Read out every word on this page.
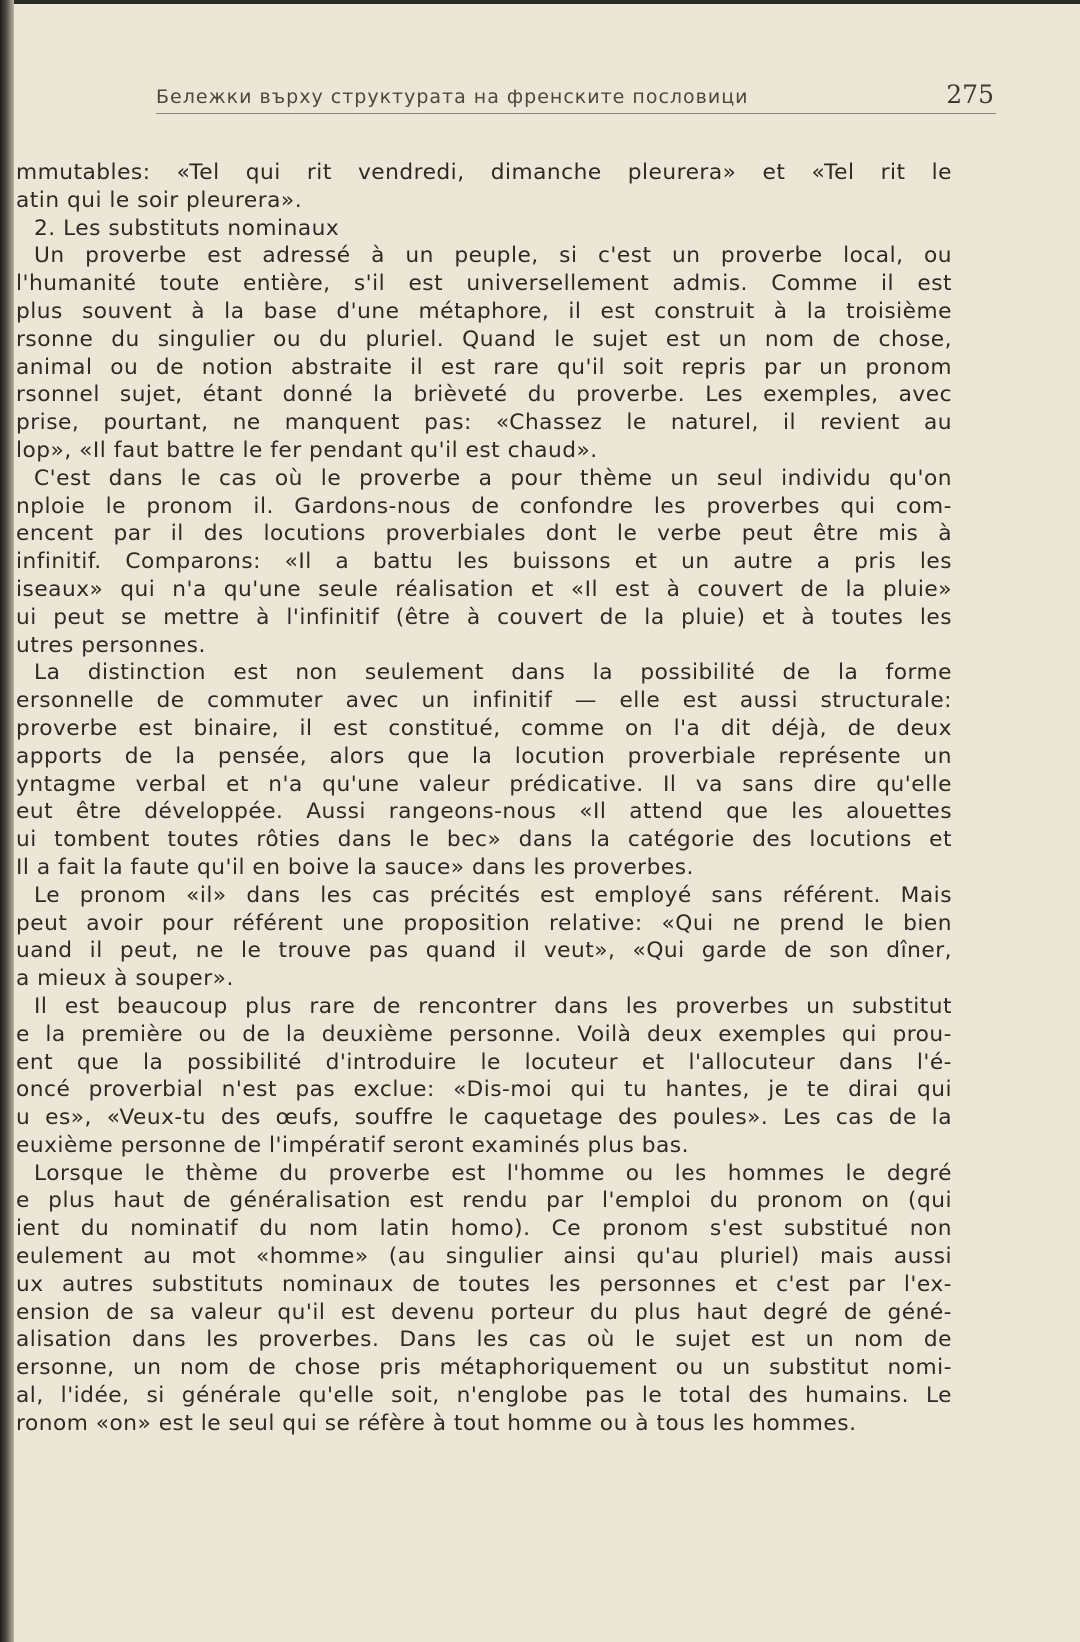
Бележки върху структурата на френските пословици	275

mmutables: «Tel qui rit vendredi, dimanche pleurera» et «Tel rit le

atin qui le soir pleurera».

2. Les substituts nominaux

Un proverbe est adressé à un peuple, si c'est un proverbe local, ou

l'humanité toute entière, s'il est universellement admis. Comme il est

plus souvent à la base d'une métaphore, il est construit à la troisième

rsonne du singulier ou du pluriel. Quand le sujet est un nom de chose,

animal ou de notion abstraite il est rare qu'il soit repris par un pronom

rsonnel sujet, étant donné la brièveté du proverbe. Les exemples, avec

prise, pourtant, ne manquent pas: «Chassez le naturel, il revient au

lop», «Il faut battre le fer pendant qu'il est chaud».

C'est dans le cas où le proverbe a pour thème un seul individu qu'on

nploie le pronom il. Gardons-nous de confondre les proverbes qui com-

encent par il des locutions proverbiales dont le verbe peut être mis à

infinitif. Comparons: «Il a battu les buissons et un autre a pris les

iseaux» qui n'a qu'une seule réalisation et «Il est à couvert de la pluie»

ui peut se mettre à l'infinitif (être à couvert de la pluie) et à toutes les

utres personnes.

La distinction est non seulement dans la possibilité de la forme

ersonnelle de commuter avec un infinitif — elle est aussi structurale:

proverbe est binaire, il est constitué, comme on l'a dit déjà, de deux

apports de la pensée, alors que la locution proverbiale représente un

yntagme verbal et n'a qu'une valeur prédicative. Il va sans dire qu'elle

eut être développée. Aussi rangeons-nous «Il attend que les alouettes

ui tombent toutes rôties dans le bec» dans la catégorie des locutions et

Il a fait la faute qu'il en boive la sauce» dans les proverbes.

Le pronom «il» dans les cas précités est employé sans référent. Mais

peut avoir pour référent une proposition relative: «Qui ne prend le bien

uand il peut, ne le trouve pas quand il veut», «Qui garde de son dîner,

a mieux à souper».

Il est beaucoup plus rare de rencontrer dans les proverbes un substitut

e la première ou de la deuxième personne. Voilà deux exemples qui prou-

ent que la possibilité d'introduire le locuteur et l'allocuteur dans l'é-

oncé proverbial n'est pas exclue: «Dis-moi qui tu hantes, je te dirai qui

u es», «Veux-tu des œufs, souffre le caquetage des poules». Les cas de la

euxième personne de l'impératif seront examinés plus bas.

Lorsque le thème du proverbe est l'homme ou les hommes le degré

e plus haut de généralisation est rendu par l'emploi du pronom on (qui

ient du nominatif du nom latin homo). Ce pronom s'est substitué non

eulement au mot «homme» (au singulier ainsi qu'au pluriel) mais aussi

ux autres substituts nominaux de toutes les personnes et c'est par l'ex-

ension de sa valeur qu'il est devenu porteur du plus haut degré de géné-

alisation dans les proverbes. Dans les cas où le sujet est un nom de

ersonne, un nom de chose pris métaphoriquement ou un substitut nomi-

al, l'idée, si générale qu'elle soit, n'englobe pas le total des humains. Le

ronom «on» est le seul qui se réfère à tout homme ou à tous les hommes.
